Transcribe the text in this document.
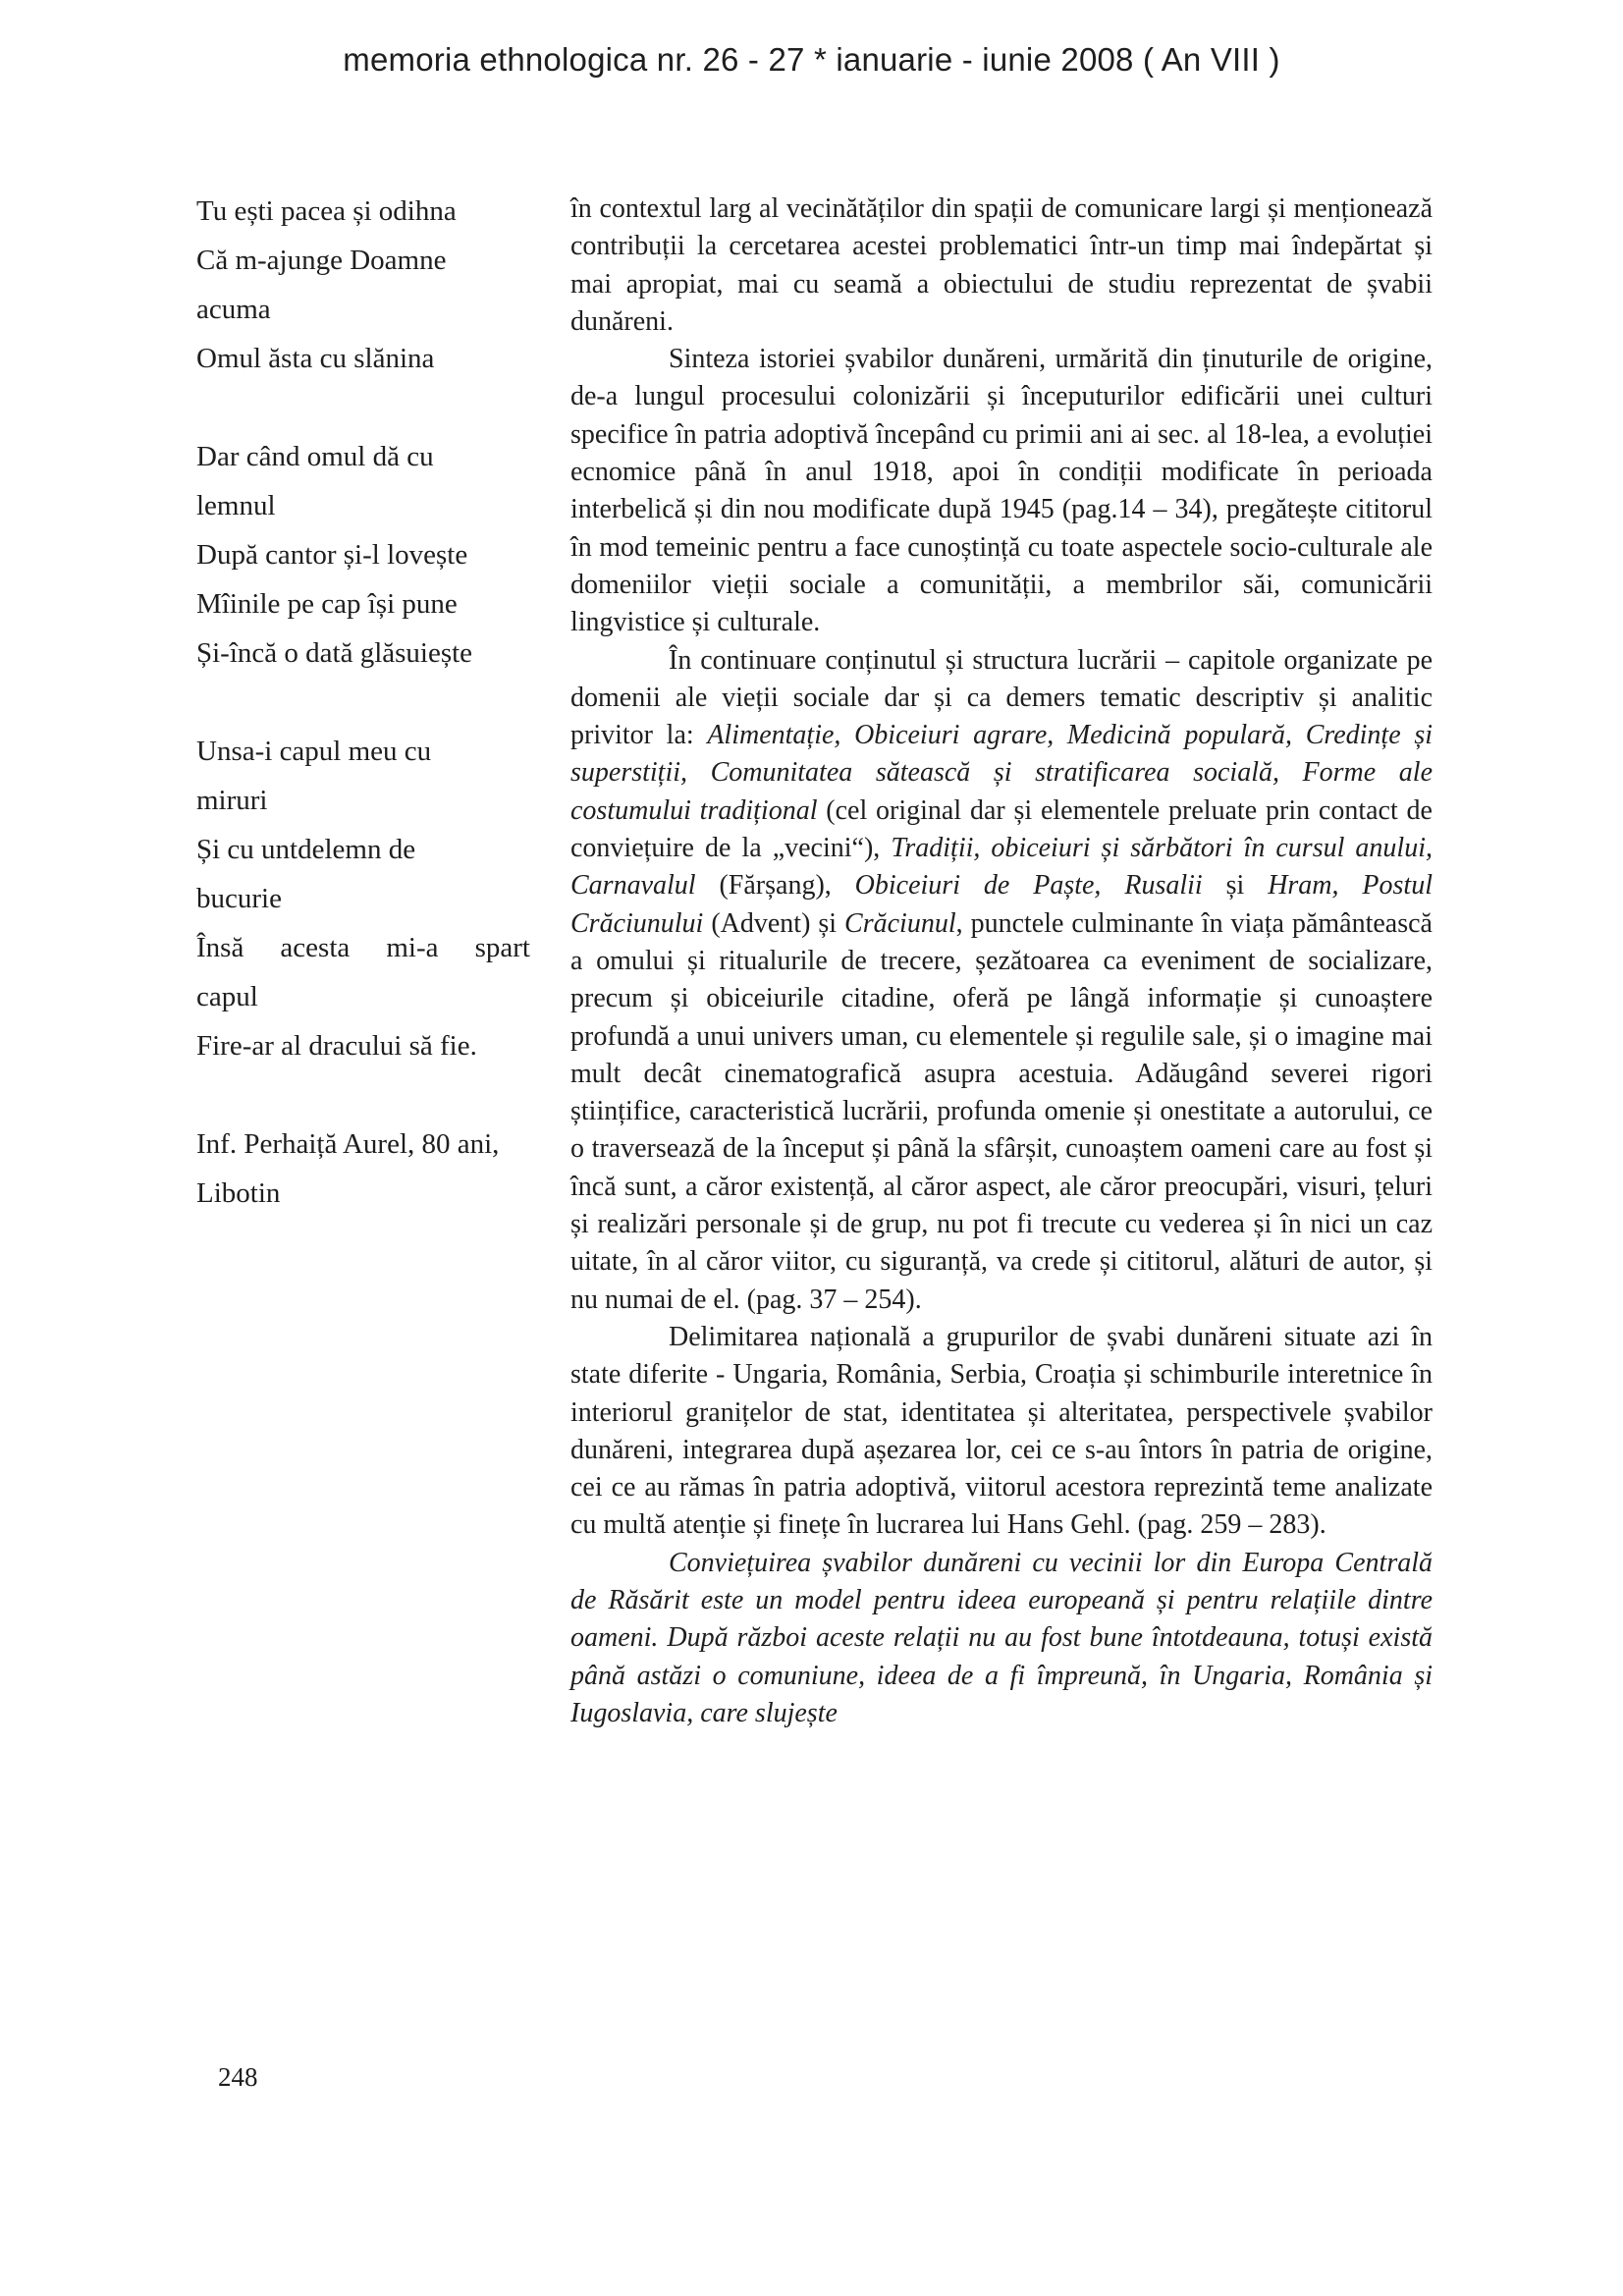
memoria ethnologica nr. 26 - 27 * ianuarie - iunie 2008 ( An VIII )
Tu ești pacea și odihna
Că m-ajunge Doamne
acuma
Omul ăsta cu slănina
Dar când omul dă cu
lemnul
După cantor și-l lovește
Mîinile pe cap își pune
Și-încă o dată glăsuiește
Unsa-i capul meu cu
miruri
Și cu untdelemn de
bucurie
Însă acesta mi-a spart
capul
Fire-ar al dracului să fie.
Inf. Perhaiță Aurel, 80 ani,
Libotin

în contextul larg al vecinătăților din spații de comunicare largi și menționează contribuții la cercetarea acestei problematici într-un timp mai îndepărtat și mai apropiat, mai cu seamă a obiectului de studiu reprezentat de șvabii dunăreni.

Sinteza istoriei șvabilor dunăreni, urmărită din ținuturile de origine, de-a lungul procesului colonizării și începuturilor edificării unei culturi specifice în patria adoptivă începând cu primii ani ai sec. al 18-lea, a evoluției ecnomice până în anul 1918, apoi în condiții modificate în perioada interbelică și din nou modificate după 1945 (pag.14 – 34), pregătește cititorul în mod temeinic pentru a face cunoștință cu toate aspectele socio-culturale ale domeniilor vieții sociale a comunității, a membrilor săi, comunicării lingvistice și culturale.

În continuare conținutul și structura lucrării – capitole organizate pe domenii ale vieții sociale dar și ca demers tematic descriptiv și analitic privitor la: Alimentație, Obiceiuri agrare, Medicină populară, Credințe și superstiții, Comunitatea sătească și stratificarea socială, Forme ale costumului tradițional (cel original dar și elementele preluate prin contact de conviețuire de la „vecini“), Tradiții, obiceiuri și sărbători în cursul anului, Carnavalul (Fărșang), Obiceiuri de Paște, Rusalii și Hram, Postul Crăciunului (Advent) și Crăciunul, punctele culminante în viața pământească a omului și ritualurile de trecere, șezătoarea ca eveniment de socializare, precum și obiceiurile citadine, oferă pe lângă informație și cunoaștere profundă a unui univers uman, cu elementele și regulile sale, și o imagine mai mult decât cinematografică asupra acestuia. Adăugând severei rigori științifice, caracteristică lucrării, profunda omenie și onestitate a autorului, ce o traversează de la început și până la sfârșit, cunoaștem oameni care au fost și încă sunt, a căror existență, al căror aspect, ale căror preocupări, visuri, țeluri și realizări personale și de grup, nu pot fi trecute cu vederea și în nici un caz uitate, în al căror viitor, cu siguranță, va crede și cititorul, alături de autor, și nu numai de el. (pag. 37 – 254).

Delimitarea națională a grupurilor de șvabi dunăreni situate azi în state diferite - Ungaria, România, Serbia, Croația și schimburile interetnice în interiorul granițelor de stat, identitatea și alteritatea, perspectivele șvabilor dunăreni, integrarea după așezarea lor, cei ce s-au întors în patria de origine, cei ce au rămas în patria adoptivă, viitorul acestora reprezintă teme analizate cu multă atenție și finețe în lucrarea lui Hans Gehl. (pag. 259 – 283).

Conviețuirea șvabilor dunăreni cu vecinii lor din Europa Centrală de Răsărit este un model pentru ideea europeană și pentru relațiile dintre oameni. După război aceste relații nu au fost bune întotdeauna, totuși există până astăzi o comuniune, ideea de a fi împreună, în Ungaria, România și Iugoslavia, care slujește

248
